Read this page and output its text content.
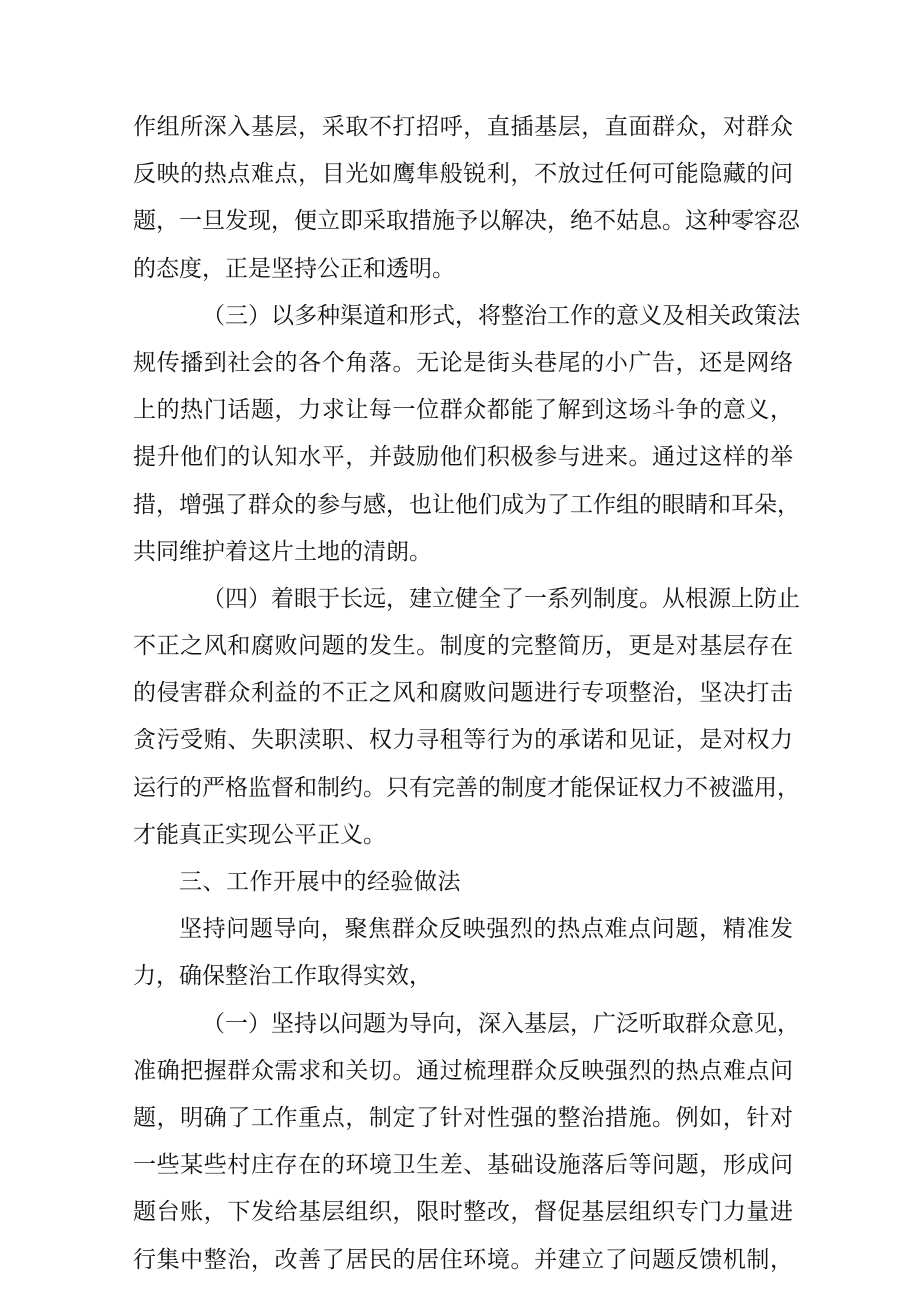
作组所深入基层，采取不打招呼，直插基层，直面群众，对群众
反映的热点难点，目光如鹰隼般锐利，不放过任何可能隐藏的问
题，一旦发现，便立即采取措施予以解决，绝不姑息。这种零容忍
的态度，正是坚持公正和透明。
（三）以多种渠道和形式，将整治工作的意义及相关政策法
规传播到社会的各个角落。无论是街头巷尾的小广告，还是网络
上的热门话题，力求让每一位群众都能了解到这场斗争的意义，
提升他们的认知水平，并鼓励他们积极参与进来。通过这样的举
措，增强了群众的参与感，也让他们成为了工作组的眼睛和耳朵，
共同维护着这片土地的清朗。
（四）着眼于长远，建立健全了一系列制度。从根源上防止
不正之风和腐败问题的发生。制度的完整简历，更是对基层存在
的侵害群众利益的不正之风和腐败问题进行专项整治，坚决打击
贪污受贿、失职渎职、权力寻租等行为的承诺和见证，是对权力
运行的严格监督和制约。只有完善的制度才能保证权力不被滥用，
才能真正实现公平正义。
三、工作开展中的经验做法
坚持问题导向，聚焦群众反映强烈的热点难点问题，精准发
力，确保整治工作取得实效，
（一）坚持以问题为导向，深入基层，广泛听取群众意见，
准确把握群众需求和关切。通过梳理群众反映强烈的热点难点问
题，明确了工作重点，制定了针对性强的整治措施。例如，针对
一些某些村庄存在的环境卫生差、基础设施落后等问题，形成问
题台账，下发给基层组织，限时整改，督促基层组织专门力量进
行集中整治，改善了居民的居住环境。并建立了问题反馈机制，
